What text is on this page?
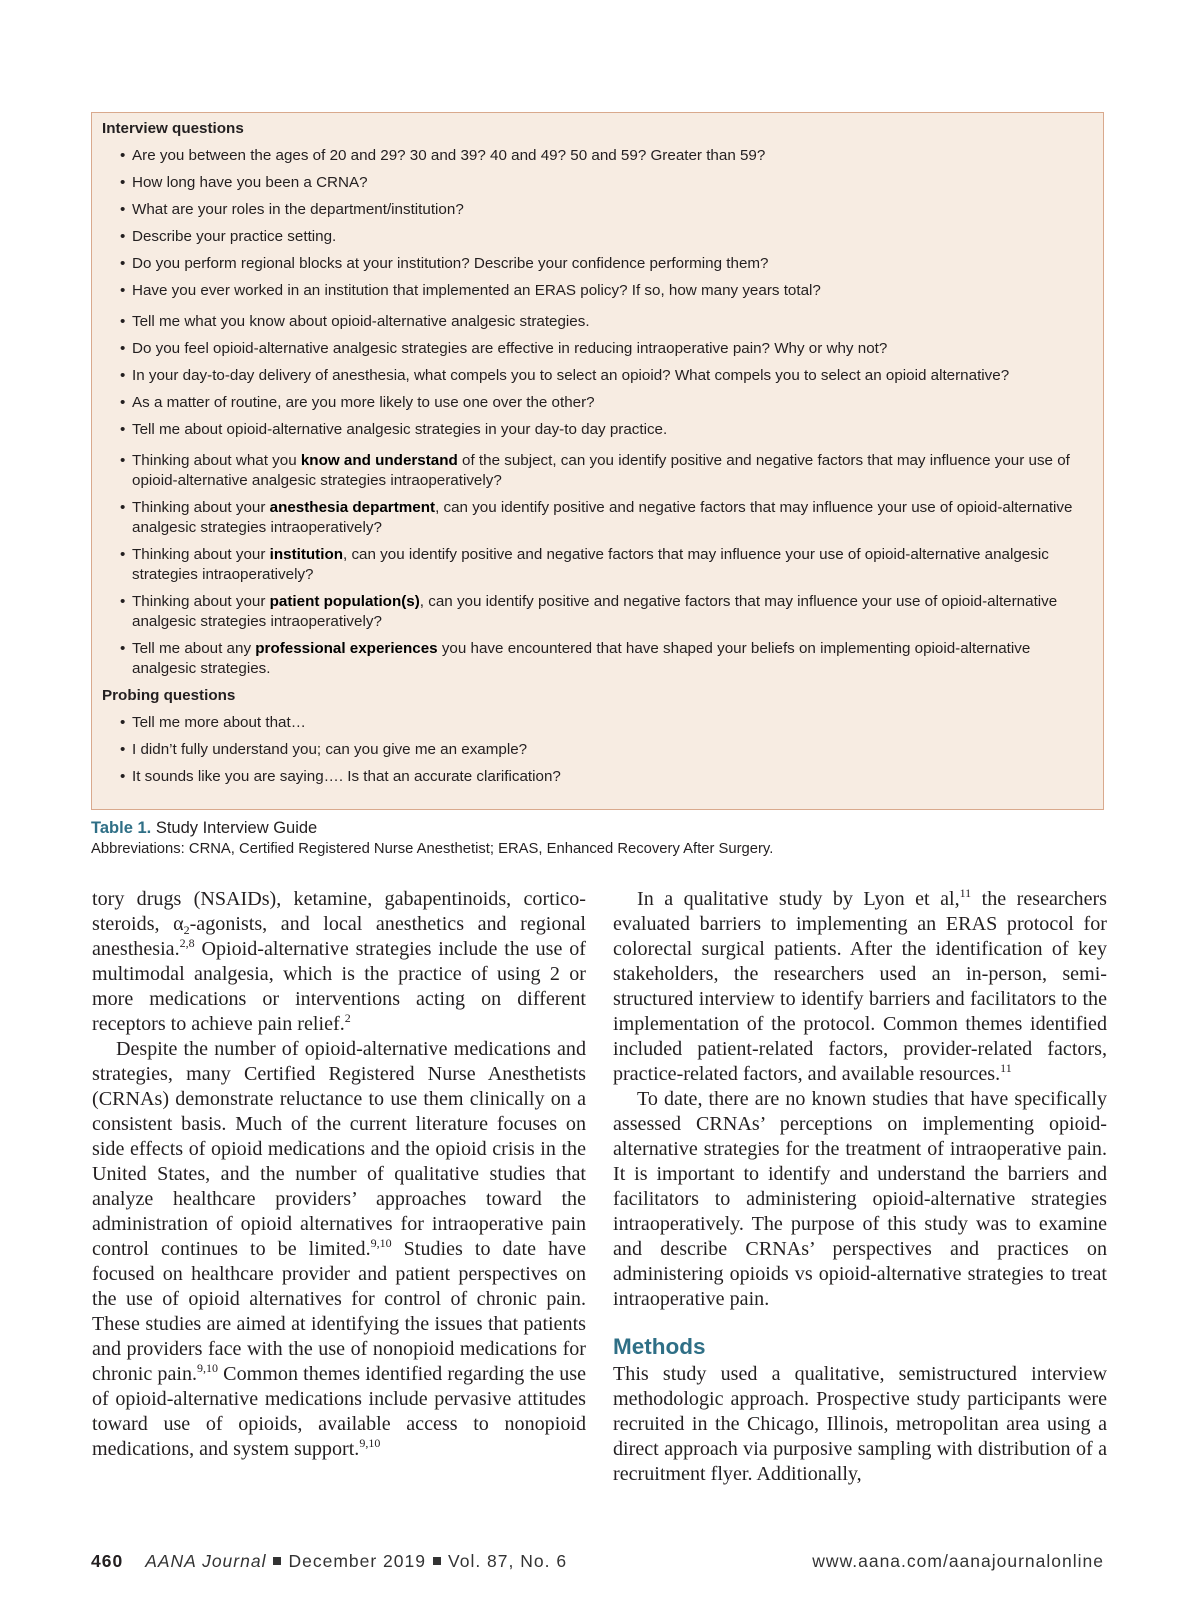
Interview questions
• Are you between the ages of 20 and 29? 30 and 39? 40 and 49? 50 and 59? Greater than 59?
• How long have you been a CRNA?
• What are your roles in the department/institution?
• Describe your practice setting.
• Do you perform regional blocks at your institution? Describe your confidence performing them?
• Have you ever worked in an institution that implemented an ERAS policy? If so, how many years total?
• Tell me what you know about opioid-alternative analgesic strategies.
• Do you feel opioid-alternative analgesic strategies are effective in reducing intraoperative pain? Why or why not?
• In your day-to-day delivery of anesthesia, what compels you to select an opioid? What compels you to select an opioid alternative?
• As a matter of routine, are you more likely to use one over the other?
• Tell me about opioid-alternative analgesic strategies in your day-to day practice.
• Thinking about what you know and understand of the subject, can you identify positive and negative factors that may influence your use of opioid-alternative analgesic strategies intraoperatively?
• Thinking about your anesthesia department, can you identify positive and negative factors that may influence your use of opioid-alternative analgesic strategies intraoperatively?
• Thinking about your institution, can you identify positive and negative factors that may influence your use of opioid-alternative analgesic strategies intraoperatively?
• Thinking about your patient population(s), can you identify positive and negative factors that may influence your use of opioid-alternative analgesic strategies intraoperatively?
• Tell me about any professional experiences you have encountered that have shaped your beliefs on implementing opioid-alternative analgesic strategies.
Probing questions
• Tell me more about that…
• I didn’t fully understand you; can you give me an example?
• It sounds like you are saying…. Is that an accurate clarification?
Table 1. Study Interview Guide
Abbreviations: CRNA, Certified Registered Nurse Anesthetist; ERAS, Enhanced Recovery After Surgery.

tory drugs (NSAIDs), ketamine, gabapentinoids, corticosteroids, $\alpha_2$-agonists, and local anesthetics and regional anesthesia.$^{2,8}$ Opioid-alternative strategies include the use of multimodal analgesia, which is the practice of using 2 or more medications or interventions acting on different receptors to achieve pain relief.$^2$

Despite the number of opioid-alternative medications and strategies, many Certified Registered Nurse Anesthetists (CRNAs) demonstrate reluctance to use them clinically on a consistent basis. Much of the current literature focuses on side effects of opioid medications and the opioid crisis in the United States, and the number of qualitative studies that analyze healthcare providers’ approaches toward the administration of opioid alternatives for intraoperative pain control continues to be limited.$^{9,10}$ Studies to date have focused on healthcare provider and patient perspectives on the use of opioid alternatives for control of chronic pain. These studies are aimed at identifying the issues that patients and providers face with the use of nonopioid medications for chronic pain.$^{9,10}$ Common themes identified regarding the use of opioid-alternative medications include pervasive attitudes toward use of opioids, available access to nonopioid medications, and system support.$^{9,10}$

In a qualitative study by Lyon et al,$^{11}$ the researchers evaluated barriers to implementing an ERAS protocol for colorectal surgical patients. After the identification of key stakeholders, the researchers used an in-person, semistructured interview to identify barriers and facilitators to the implementation of the protocol. Common themes identified included patient-related factors, provider-related factors, practice-related factors, and available resources.$^{11}$

To date, there are no known studies that have specifically assessed CRNAs’ perceptions on implementing opioid-alternative strategies for the treatment of intraoperative pain. It is important to identify and understand the barriers and facilitators to administering opioid-alternative strategies intraoperatively. The purpose of this study was to examine and describe CRNAs’ perspectives and practices on administering opioids vs opioid-alternative strategies to treat intraoperative pain.

Methods

This study used a qualitative, semistructured interview methodologic approach. Prospective study participants were recruited in the Chicago, Illinois, metropolitan area using a direct approach via purposive sampling with distribution of a recruitment flyer. Additionally,

460 AANA Journal December 2019 Vol. 87, No. 6	www.aana.com/aanajournalonline
